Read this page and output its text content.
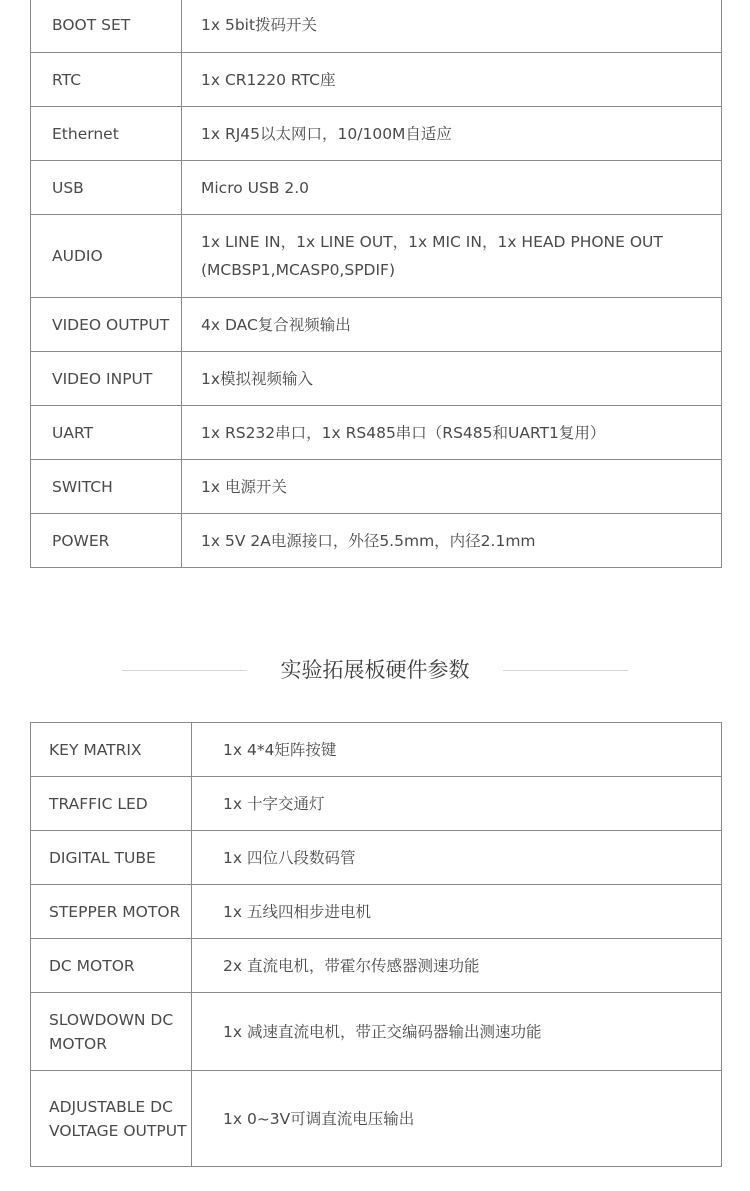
BOOT SET	1x 5bit拨码开关
RTC	1x CR1220 RTC座
Ethernet	1x RJ45以太网口，10/100M自适应
USB	Micro USB 2.0
AUDIO	1x LINE IN，1x LINE OUT，1x MIC IN，1x HEAD PHONE OUT (MCBSP1,MCASP0,SPDIF)
VIDEO OUTPUT	4x DAC复合视频输出
VIDEO INPUT	1x模拟视频输入
UART	1x RS232串口，1x RS485串口（RS485和UART1复用）
SWITCH	1x 电源开关
POWER	1x 5V 2A电源接口，外径5.5mm，内径2.1mm
实验拓展板硬件参数
KEY MATRIX	1x 4*4矩阵按键
TRAFFIC LED	1x 十字交通灯
DIGITAL TUBE	1x 四位八段数码管
STEPPER MOTOR	1x 五线四相步进电机
DC MOTOR	2x 直流电机，带霍尔传感器测速功能
SLOWDOWN DC MOTOR	1x 减速直流电机，带正交编码器输出测速功能
ADJUSTABLE DC VOLTAGE OUTPUT	1x 0~3V可调直流电压输出
